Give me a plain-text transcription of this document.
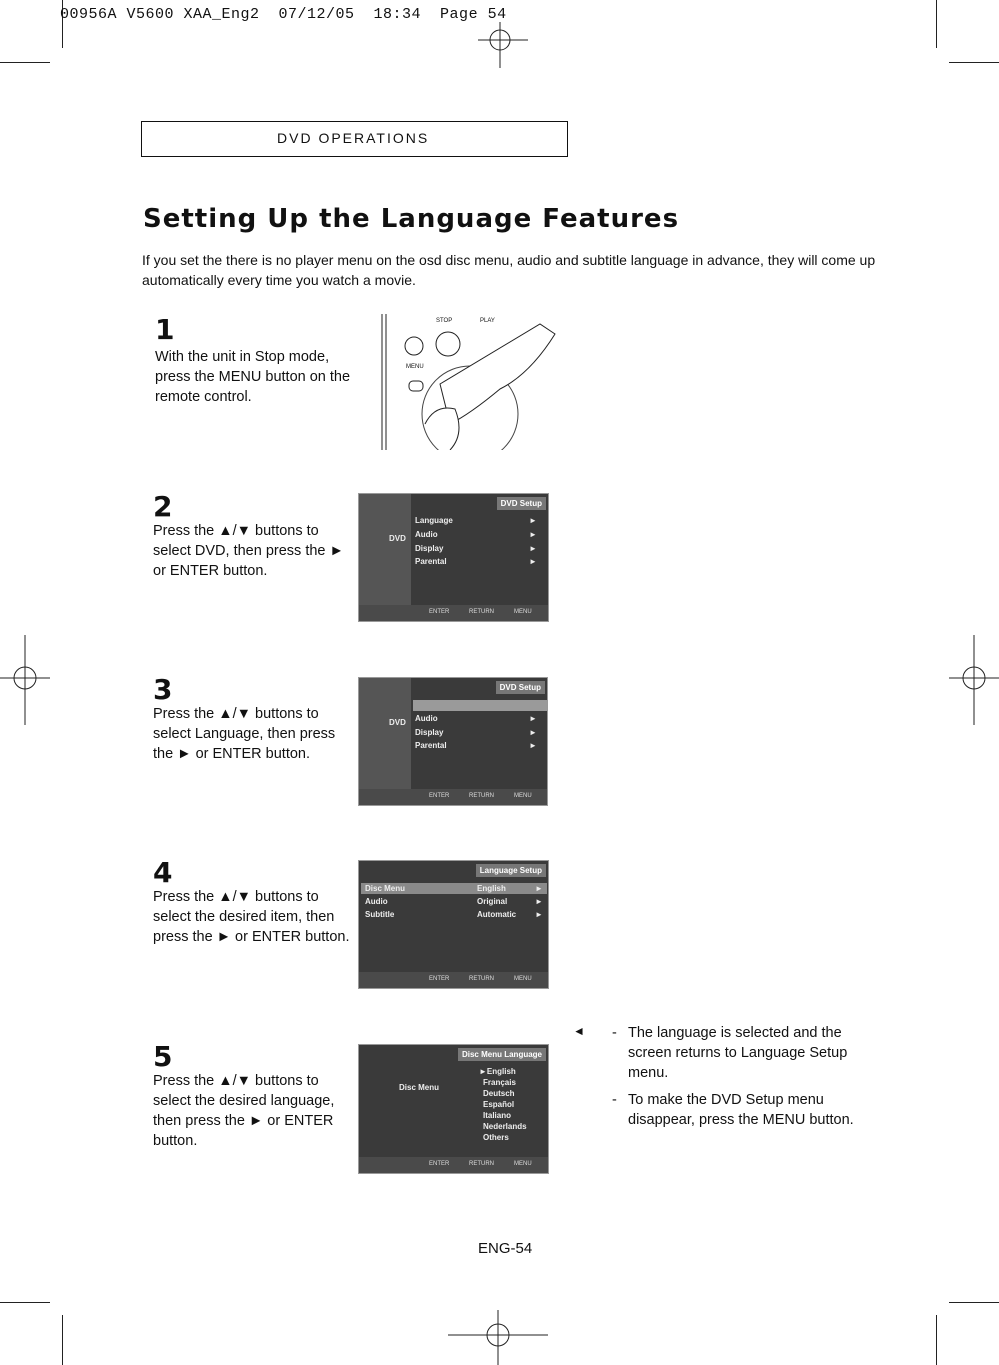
00956A V5600 XAA_Eng2  07/12/05  18:34  Page 54
DVD OPERATIONS
Setting Up the Language Features
If you set the there is no player menu on the osd disc menu, audio and subtitle language in advance, they will come up automatically every time you watch a movie.
1
With the unit in Stop mode, press the MENU button on the remote control.
STOP	PLAY
MENU
2
Press the ▲/▼ buttons to select DVD, then press the ► or ENTER button.
DVD
DVD Setup
Language
Audio
Display
Parental
►
►
►
►
ENTER	RETURN	MENU
3
Press the ▲/▼ buttons to select Language, then press the ► or ENTER button.
DVD
DVD Setup
Audio
Display
Parental
►
►
►
ENTER	RETURN	MENU
4
Press the ▲/▼ buttons to select the desired item, then press the ► or ENTER button.
Language Setup
Disc Menu	English
Audio	Original
Subtitle	Automatic
►
►
►
ENTER	RETURN	MENU
5
Press the ▲/▼ buttons to select the desired language, then press the ► or ENTER button.
Disc Menu Language
Disc Menu
►English
Français
Deutsch
Español
Italiano
Nederlands
Others
ENTER	RETURN	MENU
◄ - The language is selected and the screen returns to Language Setup menu.
- To make the DVD Setup menu disappear, press the MENU button.
ENG-54
